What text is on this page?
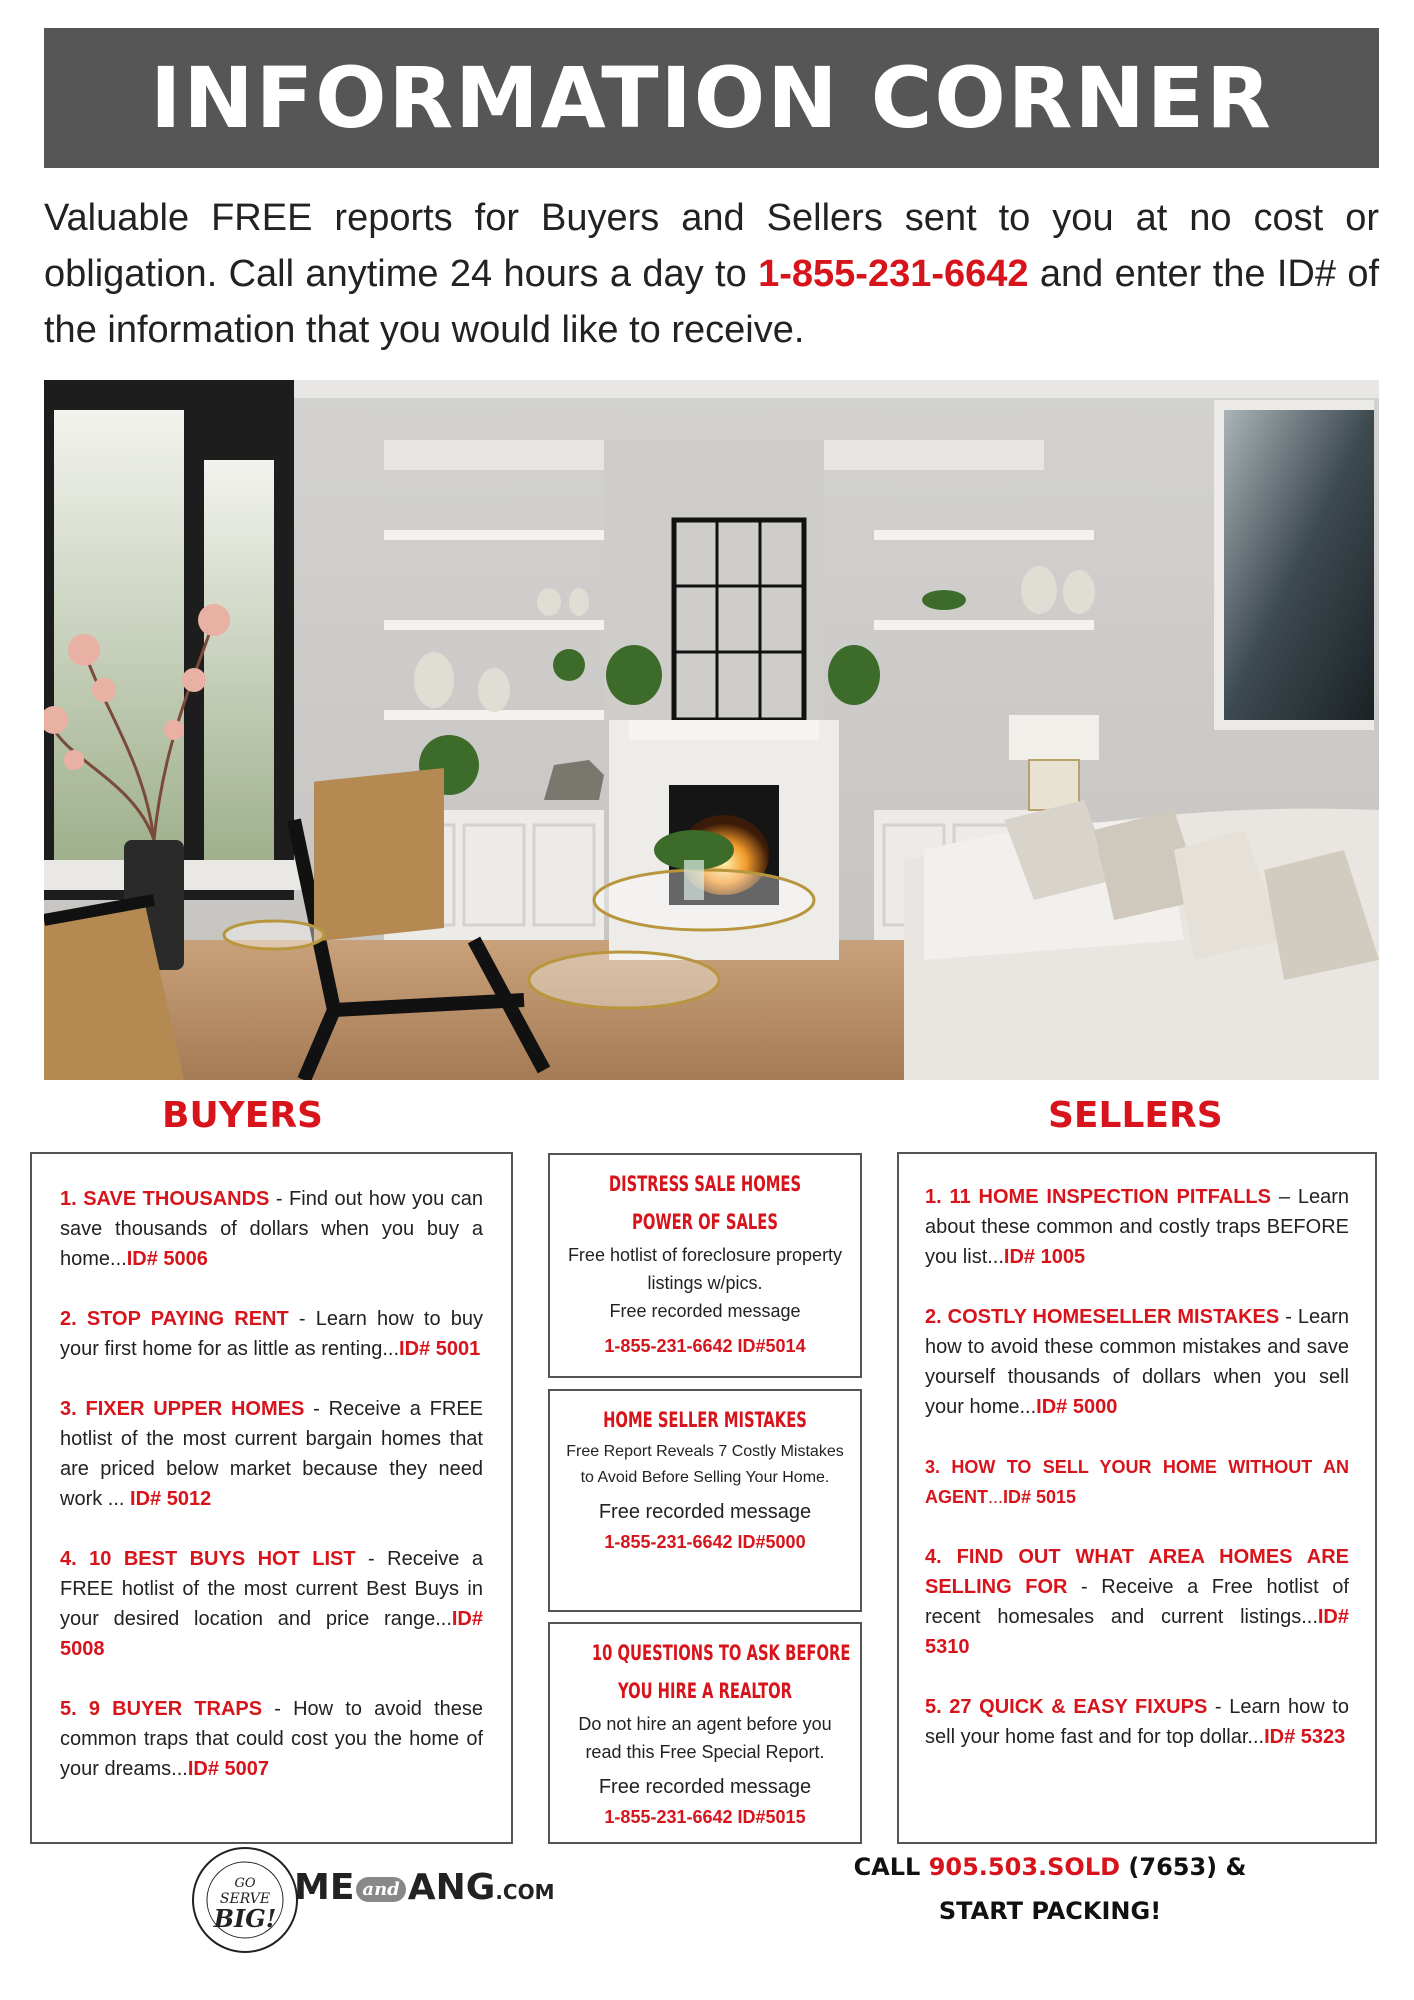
INFORMATION CORNER

Valuable FREE reports for Buyers and Sellers sent to you at no cost or obligation. Call anytime 24 hours a day to 1-855-231-6642 and enter the ID# of the information that you would like to receive.

BUYERS	SELLERS

1. SAVE THOUSANDS - Find out how you can save thousands of dollars when you buy a home...ID# 5006

2. STOP PAYING RENT - Learn how to buy your first home for as little as renting...ID# 5001

3. FIXER UPPER HOMES - Receive a FREE hotlist of the most current bargain homes that are priced below market because they need work ... ID# 5012

4. 10 BEST BUYS HOT LIST - Receive a FREE hotlist of the most current Best Buys in your desired location and price range...ID# 5008

5. 9 BUYER TRAPS - How to avoid these common traps that could cost you the home of your dreams...ID# 5007

DISTRESS SALE HOMES
POWER OF SALES
Free hotlist of foreclosure property listings w/pics.
Free recorded message
1-855-231-6642 ID#5014
HOME SELLER MISTAKES
Free Report Reveals 7 Costly Mistakes to Avoid Before Selling Your Home.
Free recorded message
1-855-231-6642 ID#5000
10 QUESTIONS TO ASK BEFORE
YOU HIRE A REALTOR
Do not hire an agent before you read this Free Special Report.
Free recorded message
1-855-231-6642 ID#5015

1. 11 HOME INSPECTION PITFALLS – Learn about these common and costly traps BEFORE you list...ID# 1005

2. COSTLY HOMESELLER MISTAKES - Learn how to avoid these common mistakes and save yourself thousands of dollars when you sell your home...ID# 5000

3. HOW TO SELL YOUR HOME WITHOUT AN AGENT...ID# 5015

4. FIND OUT WHAT AREA HOMES ARE SELLING FOR - Receive a Free hotlist of recent homesales and current listings...ID# 5310

5. 27 QUICK & EASY FIXUPS - Learn how to sell your home fast and for top dollar...ID# 5323

GO
SERVE
BIG!
ME and ANG.COM
CALL 905.503.SOLD (7653) &
START PACKING!
